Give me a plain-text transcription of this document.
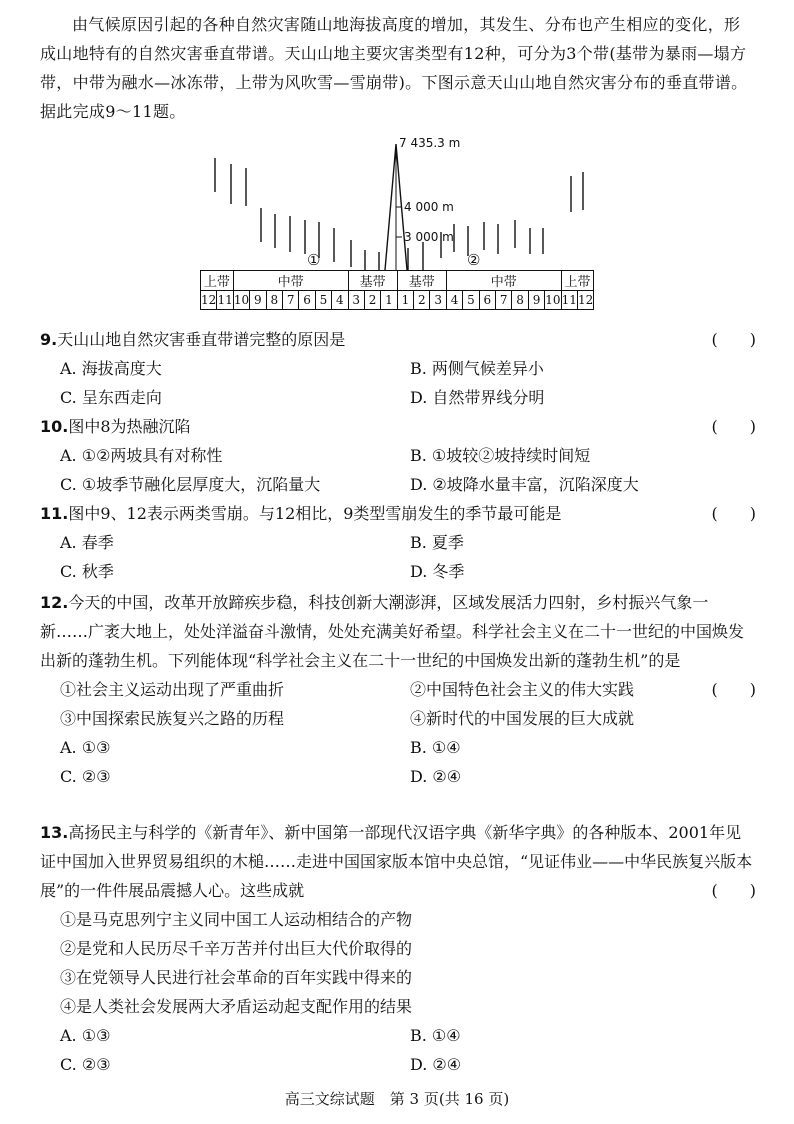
由气候原因引起的各种自然灾害随山地海拔高度的增加，其发生、分布也产生相应的变化，形成山地特有的自然灾害垂直带谱。天山山地主要灾害类型有12种，可分为3个带(基带为暴雨—塌方带，中带为融水—冰冻带，上带为风吹雪—雪崩带)。下图示意天山山地自然灾害分布的垂直带谱。据此完成9～11题。

7 435.3 m
4 000 m
3 000 m
①	②
上带		中带							基带			基带			中带							上带	
12	11	10	9	8	7	6	5	4	3	2	1	1	2	3	4	5	6	7	8	9	10	11	12

9.天山山地自然灾害垂直带谱完整的原因是	(　　)
A. 海拔高度大	B. 两侧气候差异小
C. 呈东西走向	D. 自然带界线分明

10.图中8为热融沉陷	(　　)
A. ①②两坡具有对称性	B. ①坡较②坡持续时间短
C. ①坡季节融化层厚度大，沉陷量大	D. ②坡降水量丰富，沉陷深度大

11.图中9、12表示两类雪崩。与12相比，9类型雪崩发生的季节最可能是	(　　)
A. 春季	B. 夏季
C. 秋季	D. 冬季

12.今天的中国，改革开放蹄疾步稳，科技创新大潮澎湃，区域发展活力四射，乡村振兴气象一新……广袤大地上，处处洋溢奋斗激情，处处充满美好希望。科学社会主义在二十一世纪的中国焕发出新的蓬勃生机。下列能体现“科学社会主义在二十一世纪的中国焕发出新的蓬勃生机”的是

(　　)
①社会主义运动出现了严重曲折	②中国特色社会主义的伟大实践
③中国探索民族复兴之路的历程	④新时代的中国发展的巨大成就
A. ①③	B. ①④
C. ②③	D. ②④

13.高扬民主与科学的《新青年》、新中国第一部现代汉语字典《新华字典》的各种版本、2001年见证中国加入世界贸易组织的木槌……走进中国国家版本馆中央总馆，“见证伟业——中华民族复兴版本展”的一件件展品震撼人心。这些成就	(　　)
①是马克思列宁主义同中国工人运动相结合的产物
②是党和人民历尽千辛万苦并付出巨大代价取得的
③在党领导人民进行社会革命的百年实践中得来的
④是人类社会发展两大矛盾运动起支配作用的结果
A. ①③	B. ①④
C. ②③	D. ②④
高三文综试题　第 3 页(共 16 页)
